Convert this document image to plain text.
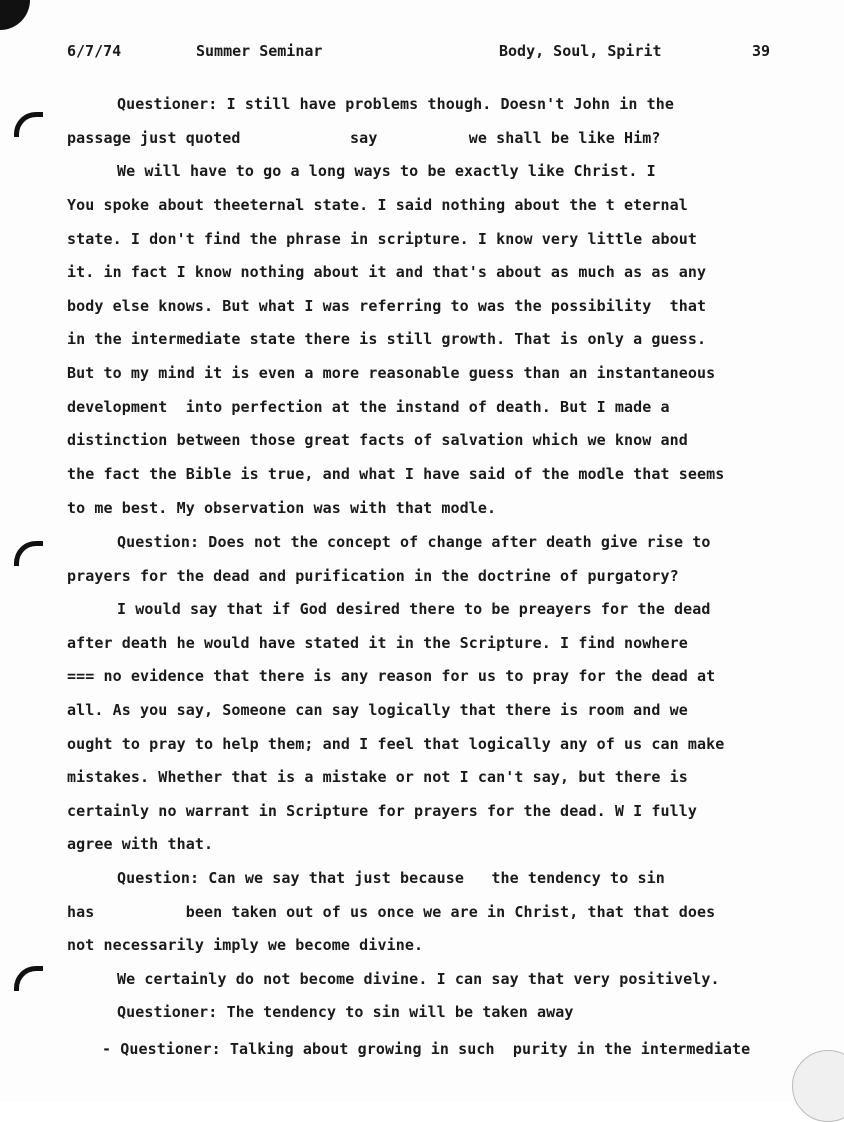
6/7/74	Summer Seminar	Body, Soul, Spirit	39
Questioner: I still have problems though. Doesn't John in the
passage just quoted            say          we shall be like Him?
We will have to go a long ways to be exactly like Christ. I
You spoke about theeternal state. I said nothing about the t eternal
state. I don't find the phrase in scripture. I know very little about
it. in fact I know nothing about it and that's about as much as as any
body else knows. But what I was referring to was the possibility  that
in the intermediate state there is still growth. That is only a guess.
But to my mind it is even a more reasonable guess than an instantaneous
development  into perfection at the instand of death. But I made a
distinction between those great facts of salvation which we know and
the fact the Bible is true, and what I have said of the modle that seems
to me best. My observation was with that modle.
Question: Does not the concept of change after death give rise to
prayers for the dead and purification in the doctrine of purgatory?
I would say that if God desired there to be preayers for the dead
after death he would have stated it in the Scripture. I find nowhere
=== no evidence that there is any reason for us to pray for the dead at
all. As you say, Someone can say logically that there is room and we
ought to pray to help them; and I feel that logically any of us can make
mistakes. Whether that is a mistake or not I can't say, but there is
certainly no warrant in Scripture for prayers for the dead. W I fully
agree with that.
Question: Can we say that just because   the tendency to sin
has          been taken out of us once we are in Christ, that that does
not necessarily imply we become divine.
We certainly do not become divine. I can say that very positively.
Questioner: The tendency to sin will be taken away
- Questioner: Talking about growing in such  purity in the intermediate
